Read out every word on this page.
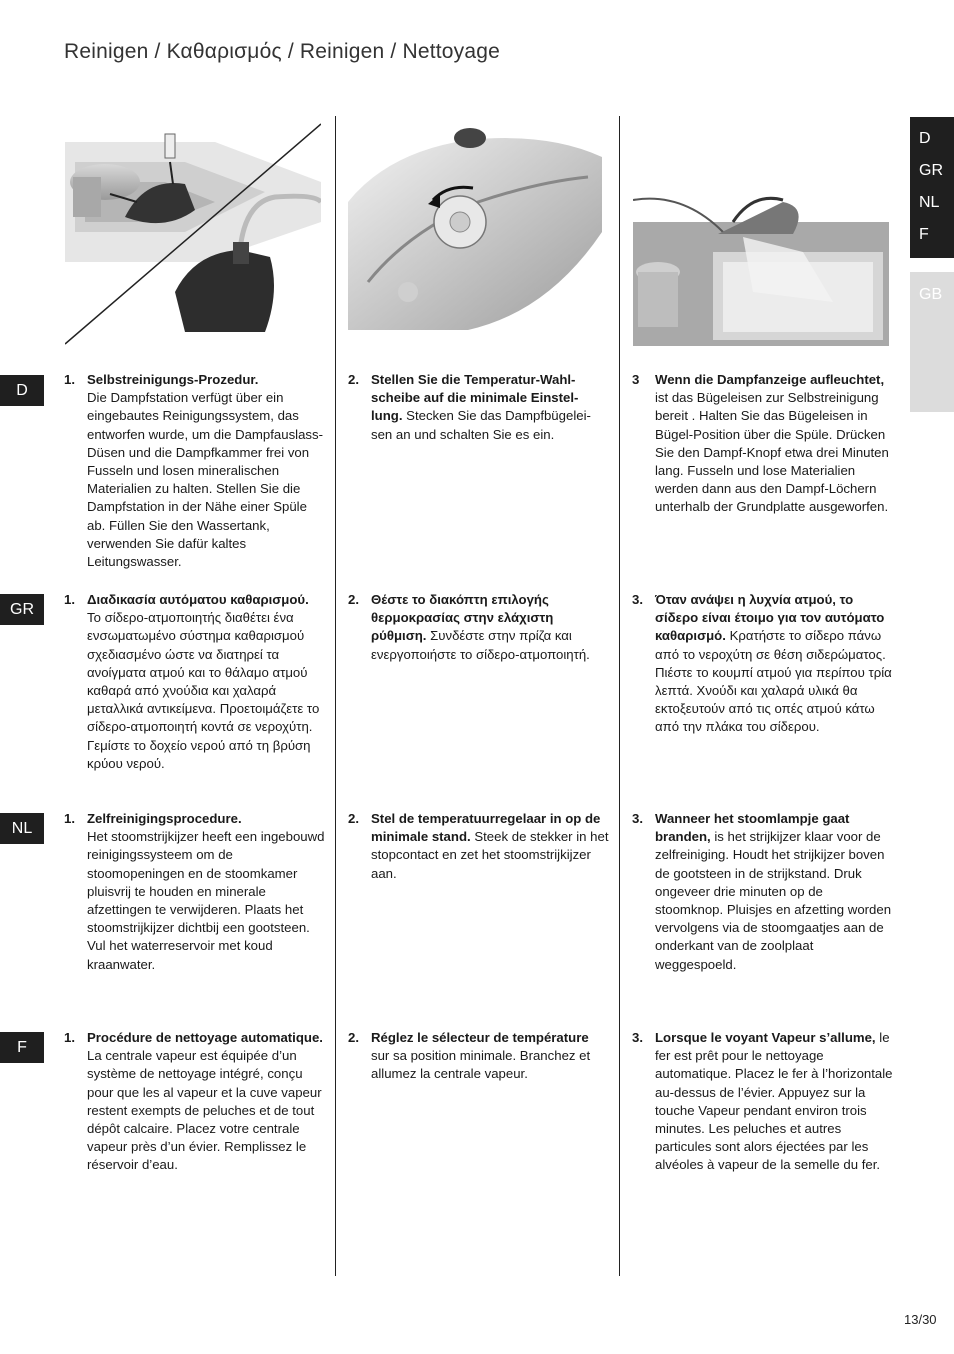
Reinigen / Καθαρισμός / Reinigen / Nettoyage
D
GR
NL
F
D
GR
NL
F
GB
1. Selbstreinigungs-Prozedur.
Die Dampfstation verfügt über ein eingebautes Reinigungssystem, das entworfen wurde, um die Dampfauslass-Düsen und die Dampfkammer frei von Fusseln und losen mineralischen Materialien zu halten. Stellen Sie die Dampfstation in der Nähe einer Spüle ab. Füllen Sie den Wassertank, verwenden Sie dafür kaltes Leitungswasser.
2. Stellen Sie die Temperatur-Wahl-scheibe auf die minimale Einstel-lung. Stecken Sie das Dampfbügelei-sen an und schalten Sie es ein.
3 Wenn die Dampfanzeige aufleuchtet, ist das Bügeleisen zur Selbstreinigung bereit . Halten Sie das Bügeleisen in Bügel-Position über die Spüle. Drücken Sie den Dampf-Knopf etwa drei Minuten lang. Fusseln und lose Materialien werden dann aus den Dampf-Löchern unterhalb der Grundplatte ausgeworfen.
1. Διαδικασία αυτόματου καθαρισμού.
Το σίδερο-ατμοποιητής διαθέτει ένα ενσωματωμένο σύστημα καθαρισμού σχεδιασμένο ώστε να διατηρεί τα ανοίγματα ατμού και το θάλαμο ατμού καθαρά από χνούδια και χαλαρά μεταλλικά αντικείμενα. Προετοιμάζετε το σίδερο-ατμοποιητή κοντά σε νεροχύτη. Γεμίστε το δοχείο νερού από τη βρύση κρύου νερού.
2. Θέστε το διακόπτη επιλογής θερμοκρασίας στην ελάχιστη ρύθμιση. Συνδέστε στην πρίζα και ενεργοποιήστε το σίδερο-ατμοποιητή.
3. Όταν ανάψει η λυχνία ατμού, το σίδερο είναι έτοιμο για τον αυτόματο καθαρισμό. Κρατήστε το σίδερο πάνω από το νεροχύτη σε θέση σιδερώματος. Πιέστε το κουμπί ατμού για περίπου τρία λεπτά. Χνούδι και χαλαρά υλικά θα εκτοξευτούν από τις οπές ατμού κάτω από την πλάκα του σίδερου.
1. Zelfreinigingsprocedure.
Het stoomstrijkijzer heeft een ingebouwd reinigingssysteem om de stoomopeningen en de stoomkamer pluisvrij te houden en minerale afzettingen te verwijderen. Plaats het stoomstrijkijzer dichtbij een gootsteen. Vul het waterreservoir met koud kraanwater.
2. Stel de temperatuurregelaar in op de minimale stand. Steek de stekker in het stopcontact en zet het stoomstrijkijzer aan.
3. Wanneer het stoomlampje gaat branden, is het strijkijzer klaar voor de zelfreiniging. Houdt het strijkijzer boven de gootsteen in de strijkstand. Druk ongeveer drie minuten op de stoomknop. Pluisjes en afzetting worden vervolgens via de stoomgaatjes aan de onderkant van de zoolplaat weggespoeld.
1. Procédure de nettoyage automatique.
La centrale vapeur est équipée d’un système de nettoyage intégré, conçu pour que les al vapeur et la cuve vapeur restent exempts de peluches et de tout dépôt calcaire. Placez votre centrale vapeur près d’un évier. Remplissez le réservoir d’eau.
2. Réglez le sélecteur de température sur sa position minimale. Branchez et allumez la centrale vapeur.
3. Lorsque le voyant Vapeur s’allume, le fer est prêt pour le nettoyage automatique. Placez le fer à l’horizontale au-dessus de l’évier. Appuyez sur la touche Vapeur pendant environ trois minutes. Les peluches et autres particules sont alors éjectées par les alvéoles à vapeur de la semelle du fer.
13/30
